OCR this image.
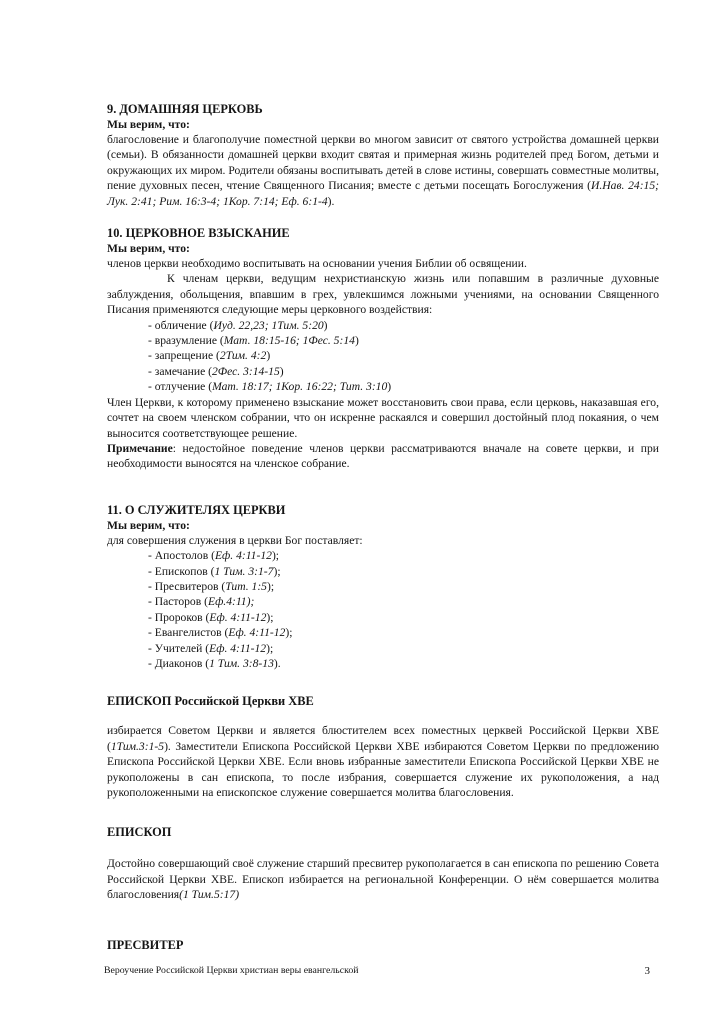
9. ДОМАШНЯЯ ЦЕРКОВЬ

Мы верим, что:

благословение и благополучие поместной церкви во многом зависит от святого устройства домашней церкви (семьи). В обязанности домашней церкви входит святая и примерная жизнь родителей пред Богом, детьми и окружающих их миром. Родители обязаны воспитывать детей в слове истины, совершать совместные молитвы, пение духовных песен, чтение Священного Писания; вместе с детьми посещать Богослужения (И.Нав. 24:15; Лук. 2:41; Рим. 16:3-4; 1Кор. 7:14; Еф. 6:1-4).

10. ЦЕРКОВНОЕ ВЗЫСКАНИЕ

Мы верим, что:

членов церкви необходимо воспитывать на основании учения Библии об освящении.

К членам церкви, ведущим нехристианскую жизнь или попавшим в различные духовные заблуждения, обольщения, впавшим в грех, увлекшимся ложными учениями, на основании Священного Писания применяются следующие меры церковного воздействия:

- обличение (Иуд. 22,23; 1Тим. 5:20)
- вразумление (Мат. 18:15-16; 1Фес. 5:14)
- запрещение (2Тим. 4:2)
- замечание (2Фес. 3:14-15)
- отлучение (Мат. 18:17; 1Кор. 16:22; Тит. 3:10)

Член Церкви, к которому применено взыскание может восстановить свои права, если церковь, наказавшая его, сочтет на своем членском собрании, что он искренне раскаялся и совершил достойный плод покаяния, о чем выносится соответствующее решение.

Примечание: недостойное поведение членов церкви рассматриваются вначале на совете церкви, и при необходимости выносятся на членское собрание.

11. О СЛУЖИТЕЛЯХ ЦЕРКВИ

Мы верим, что:

для совершения служения в церкви Бог поставляет:

- Апостолов (Еф. 4:11-12);
- Епископов (1 Тим. 3:1-7);
- Пресвитеров (Тит. 1:5);
- Пасторов (Еф.4:11);
- Пророков (Еф. 4:11-12);
- Евангелистов (Еф. 4:11-12);
- Учителей (Еф. 4:11-12);
- Диаконов (1 Тим. 3:8-13).

ЕПИСКОП Российской Церкви ХВЕ

избирается Советом Церкви и является блюстителем всех поместных церквей Российской Церкви ХВЕ (1Тим.3:1-5). Заместители Епископа Российской Церкви ХВЕ избираются Советом Церкви по предложению Епископа Российской Церкви ХВЕ. Если вновь избранные заместители Епископа Российской Церкви ХВЕ не рукоположены в сан епископа, то после избрания, совершается служение их рукоположения, а над рукоположенными на епископское служение совершается молитва благословения.

ЕПИСКОП

Достойно совершающий своё служение старший пресвитер рукополагается в сан епископа по решению Совета Российской Церкви ХВЕ. Епископ избирается на региональной Конференции. О нём совершается молитва благословения(1 Тим.5:17)

ПРЕСВИТЕР

Вероучение Российской Церкви христиан веры евангельской	3
